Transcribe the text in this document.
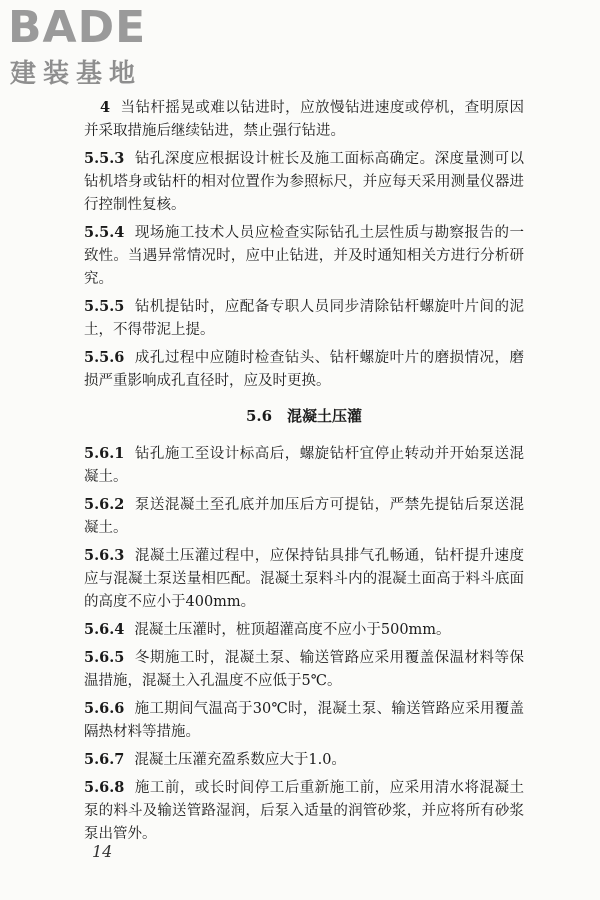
BADE
建装基地

4 当钻杆摇晃或难以钻进时，应放慢钻进速度或停机，查明原因并采取措施后继续钻进，禁止强行钻进。

5.5.3 钻孔深度应根据设计桩长及施工面标高确定。深度量测可以钻机塔身或钻杆的相对位置作为参照标尺，并应每天采用测量仪器进行控制性复核。

5.5.4 现场施工技术人员应检查实际钻孔土层性质与勘察报告的一致性。当遇异常情况时，应中止钻进，并及时通知相关方进行分析研究。

5.5.5 钻机提钻时，应配备专职人员同步清除钻杆螺旋叶片间的泥土，不得带泥上提。

5.5.6 成孔过程中应随时检查钻头、钻杆螺旋叶片的磨损情况，磨损严重影响成孔直径时，应及时更换。

5.6　混凝土压灌

5.6.1 钻孔施工至设计标高后，螺旋钻杆宜停止转动并开始泵送混凝土。

5.6.2 泵送混凝土至孔底并加压后方可提钻，严禁先提钻后泵送混凝土。

5.6.3 混凝土压灌过程中，应保持钻具排气孔畅通，钻杆提升速度应与混凝土泵送量相匹配。混凝土泵料斗内的混凝土面高于料斗底面的高度不应小于400mm。

5.6.4 混凝土压灌时，桩顶超灌高度不应小于500mm。

5.6.5 冬期施工时，混凝土泵、输送管路应采用覆盖保温材料等保温措施，混凝土入孔温度不应低于5℃。

5.6.6 施工期间气温高于30℃时，混凝土泵、输送管路应采用覆盖隔热材料等措施。

5.6.7 混凝土压灌充盈系数应大于1.0。

5.6.8 施工前，或长时间停工后重新施工前，应采用清水将混凝土泵的料斗及输送管路湿润，后泵入适量的润管砂浆，并应将所有砂浆泵出管外。

14
